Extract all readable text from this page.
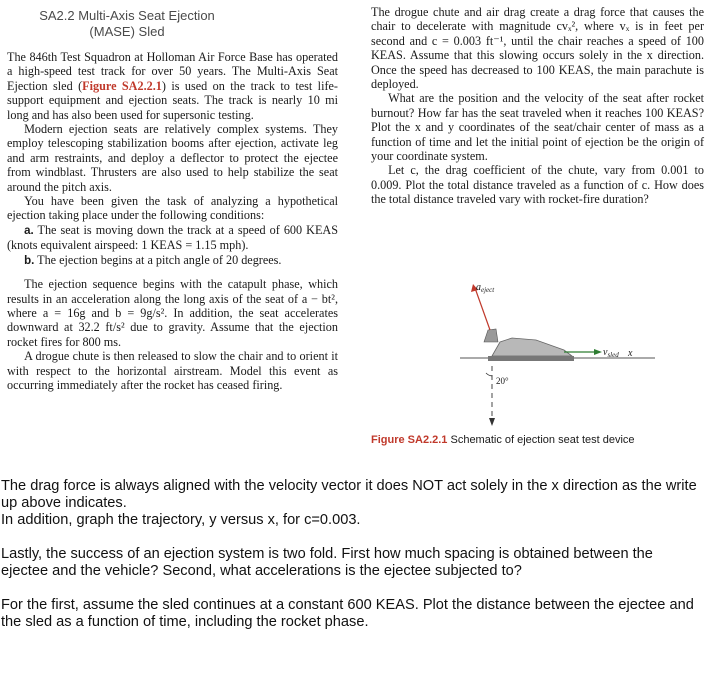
SA2.2 Multi-Axis Seat Ejection
(MASE) Sled

The 846th Test Squadron at Holloman Air Force Base has operated a high-speed test track for over 50 years. The Multi-Axis Seat Ejection sled (Figure SA2.2.1) is used on the track to test life-support equipment and ejection seats. The track is nearly 10 mi long and has also been used for supersonic testing.

Modern ejection seats are relatively complex systems. They employ telescoping stabilization booms after ejection, activate leg and arm restraints, and deploy a deflector to protect the ejectee from windblast. Thrusters are also used to help stabilize the seat around the pitch axis.

You have been given the task of analyzing a hypothetical ejection taking place under the following conditions:

a. The seat is moving down the track at a speed of 600 KEAS (knots equivalent airspeed: 1 KEAS = 1.15 mph).

b. The ejection begins at a pitch angle of 20 degrees.

The ejection sequence begins with the catapult phase, which results in an acceleration along the long axis of the seat of a − bt², where a = 16g and b = 9g/s². In addition, the seat accelerates downward at 32.2 ft/s² due to gravity. Assume that the ejection rocket fires for 800 ms.

A drogue chute is then released to slow the chair and to orient it with respect to the horizontal airstream. Model this event as occurring immediately after the rocket has ceased firing.

The drogue chute and air drag create a drag force that causes the chair to decelerate with magnitude cvₓ², where vₓ is in feet per second and c = 0.003 ft⁻¹, until the chair reaches a speed of 100 KEAS. Assume that this slowing occurs solely in the x direction. Once the speed has decreased to 100 KEAS, the main parachute is deployed.

What are the position and the velocity of the seat after rocket burnout? How far has the seat traveled when it reaches 100 KEAS? Plot the x and y coordinates of the seat/chair center of mass as a function of time and let the initial point of ejection be the origin of your coordinate system.

Let c, the drag coefficient of the chute, vary from 0.001 to 0.009. Plot the total distance traveled as a function of c. How does the total distance traveled vary with rocket-fire duration?

$a_{eject}$
$v_{sled}$ x
20°
Figure SA2.2.1 Schematic of ejection seat test device

The drag force is always aligned with the velocity vector it does NOT act solely in the x direction as the write up above indicates.

In addition, graph the trajectory, y versus x, for c=0.003.

Lastly, the success of an ejection system is two fold. First how much spacing is obtained between the ejectee and the vehicle? Second, what accelerations is the ejectee subjected to?

For the first, assume the sled continues at a constant 600 KEAS. Plot the distance between the ejectee and the sled as a function of time, including the rocket phase.
